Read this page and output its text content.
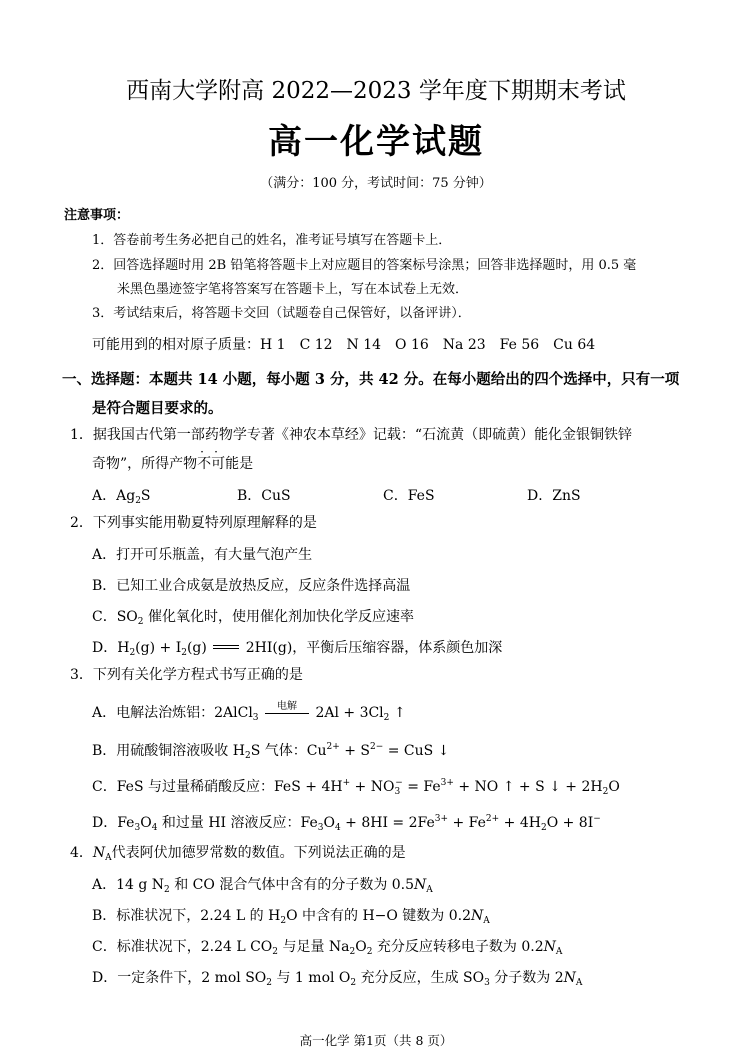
西南大学附高 2022—2023 学年度下期期末考试
高一化学试题
（满分：100 分，考试时间：75 分钟）
注意事项：
1．答卷前考生务必把自己的姓名，准考证号填写在答题卡上．
2．回答选择题时用 2B 铅笔将答题卡上对应题目的答案标号涂黑；回答非选择题时，用 0.5 毫
米黑色墨迹签字笔将答案写在答题卡上，写在本试卷上无效．
3．考试结束后，将答题卡交回（试题卷自己保管好，以备评讲）．
可能用到的相对原子质量：H 1　C 12　N 14　O 16　Na 23　Fe 56　Cu 64
一、选择题：本题共 14 小题，每小题 3 分，共 42 分。在每小题给出的四个选择中，只有一项
是符合题目要求的。
1．据我国古代第一部药物学专著《神农本草经》记载：“石流黄（即硫黄）能化金银铜铁锌
奇物”，所得产物不可能是
A．$Ag_2S$	B．CuS	C．FeS	D．ZnS
2．下列事实能用勒夏特列原理解释的是
A．打开可乐瓶盖，有大量气泡产生
B．已知工业合成氨是放热反应，反应条件选择高温
C．$SO_2$ 催化氧化时，使用催化剂加快化学反应速率
D．$H_2(g) + I_2(g)$	2HI(g)，平衡后压缩容器，体系颜色加深
3．下列有关化学方程式书写正确的是
A．电解法治炼铝：2AlCl$_3$
电解	$2Al + 3Cl_2$ ↑
B．用硫酸铜溶液吸收 $H_2S$ 气体：$Cu^{2+} + S^{2-}$ = CuS ↓
C．FeS 与过量稀硝酸反应：FeS + $4H^+ + NO_3^- = Fe^{3+}$ + NO ↑ + S ↓ + $2H_2O$
D．$Fe_3O_4$ 和过量 HI 溶液反应：$Fe_3O_4 + 8HI = 2Fe^{3+} + Fe^{2+} + 4H_2O + 8I^-$
4．$N_A$代表阿伏加德罗常数的数值。下列说法正确的是
A．14 g $N_2$ 和 CO 混合气体中含有的分子数为 $0.5N_A$
B．标准状况下，2.24 L 的 $H_2O$ 中含有的 H−O 键数为 $0.2N_A$
C．标准状况下，2.24 L $CO_2$ 与足量 $Na_2O_2$ 充分反应转移电子数为 $0.2N_A$
D．一定条件下，2 mol $SO_2$ 与 1 mol $O_2$ 充分反应，生成 $SO_3$ 分子数为 $2N_A$
高一化学 第1页（共 8 页）
